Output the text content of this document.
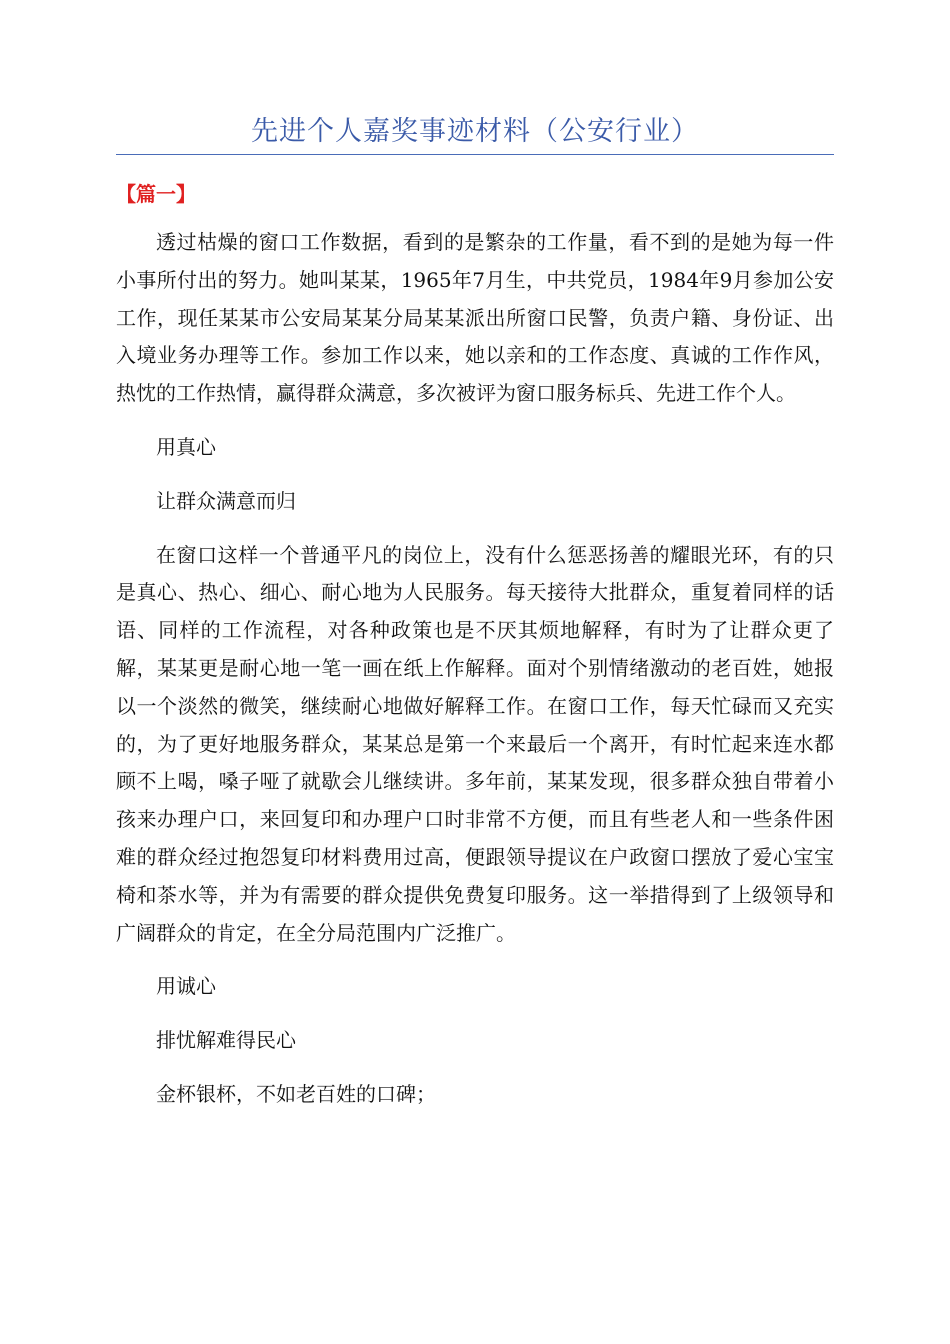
先进个人嘉奖事迹材料（公安行业）
【篇一】

透过枯燥的窗口工作数据，看到的是繁杂的工作量，看不到的是她为每一件小事所付出的努力。她叫某某，1965年7月生，中共党员，1984年9月参加公安工作，现任某某市公安局某某分局某某派出所窗口民警，负责户籍、身份证、出入境业务办理等工作。参加工作以来，她以亲和的工作态度、真诚的工作作风，热忱的工作热情，赢得群众满意，多次被评为窗口服务标兵、先进工作个人。

用真心

让群众满意而归

在窗口这样一个普通平凡的岗位上，没有什么惩恶扬善的耀眼光环，有的只是真心、热心、细心、耐心地为人民服务。每天接待大批群众，重复着同样的话语、同样的工作流程，对各种政策也是不厌其烦地解释，有时为了让群众更了解，某某更是耐心地一笔一画在纸上作解释。面对个别情绪激动的老百姓，她报以一个淡然的微笑，继续耐心地做好解释工作。在窗口工作，每天忙碌而又充实的，为了更好地服务群众，某某总是第一个来最后一个离开，有时忙起来连水都顾不上喝，嗓子哑了就歇会儿继续讲。多年前，某某发现，很多群众独自带着小孩来办理户口，来回复印和办理户口时非常不方便，而且有些老人和一些条件困难的群众经过抱怨复印材料费用过高，便跟领导提议在户政窗口摆放了爱心宝宝椅和茶水等，并为有需要的群众提供免费复印服务。这一举措得到了上级领导和广阔群众的肯定，在全分局范围内广泛推广。

用诚心

排忧解难得民心

金杯银杯，不如老百姓的口碑；
